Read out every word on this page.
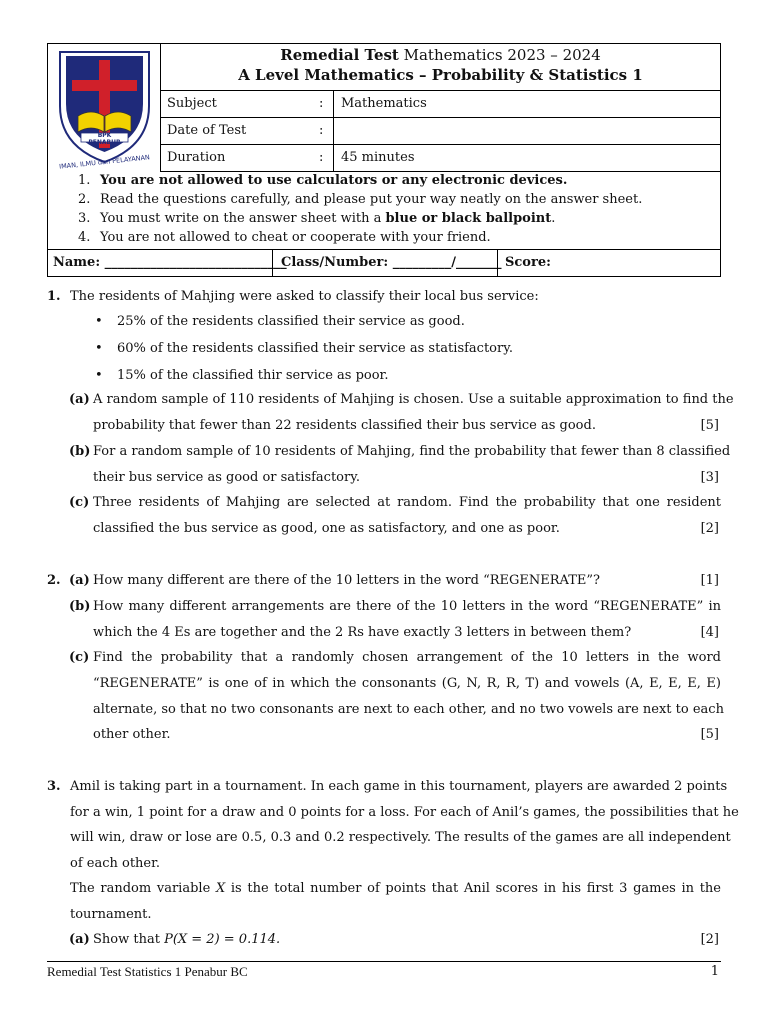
BPK PENABUR
IMAN, ILMU dan PELAYANAN
Remedial Test Mathematics 2023 – 2024
A Level Mathematics – Probability & Statistics 1
Subject	: Mathematics
Date of Test	:
Duration	: 45 minutes
1. You are not allowed to use calculators or any electronic devices.
2. Read the questions carefully, and please put your way neatly on the answer sheet.
3. You must write on the answer sheet with a blue or black ballpoint.
4. You are not allowed to cheat or cooperate with your friend.
Name: ____________________________
Class/Number: _________/_______ Score:
1. The residents of Mahjing were asked to classify their local bus service:
• 25% of the residents classified their service as good.
• 60% of the residents classified their service as statisfactory.
• 15% of the classified thir service as poor.
(a) A random sample of 110 residents of Mahjing is chosen. Use a suitable approximation to find the
probability that fewer than 22 residents classified their bus service as good.	[5]
(b) For a random sample of 10 residents of Mahjing, find the probability that fewer than 8 classified
their bus service as good or satisfactory.	[3]
(c) Three residents of Mahjing are selected at random. Find the probability that one resident
classified the bus service as good, one as satisfactory, and one as poor.	[2]
2. (a) How many different are there of the 10 letters in the word “REGENERATE”?	[1]
(b) How many different arrangements are there of the 10 letters in the word “REGENERATE” in
which the 4 Es are together and the 2 Rs have exactly 3 letters in between them?	[4]
(c) Find the probability that a randomly chosen arrangement of the 10 letters in the word
“REGENERATE” is one of in which the consonants (G, N, R, R, T) and vowels (A, E, E, E, E)
alternate, so that no two consonants are next to each other, and no two vowels are next to each
other other.	[5]
3. Amil is taking part in a tournament. In each game in this tournament, players are awarded 2 points
for a win, 1 point for a draw and 0 points for a loss. For each of Anil’s games, the possibilities that he
will win, draw or lose are 0.5, 0.3 and 0.2 respectively. The results of the games are all independent
of each other.
The random variable X is the total number of points that Anil scores in his first 3 games in the
tournament.
(a) Show that P(X = 2) = 0.114.	[2]
Remedial Test Statistics 1 Penabur BC	1
